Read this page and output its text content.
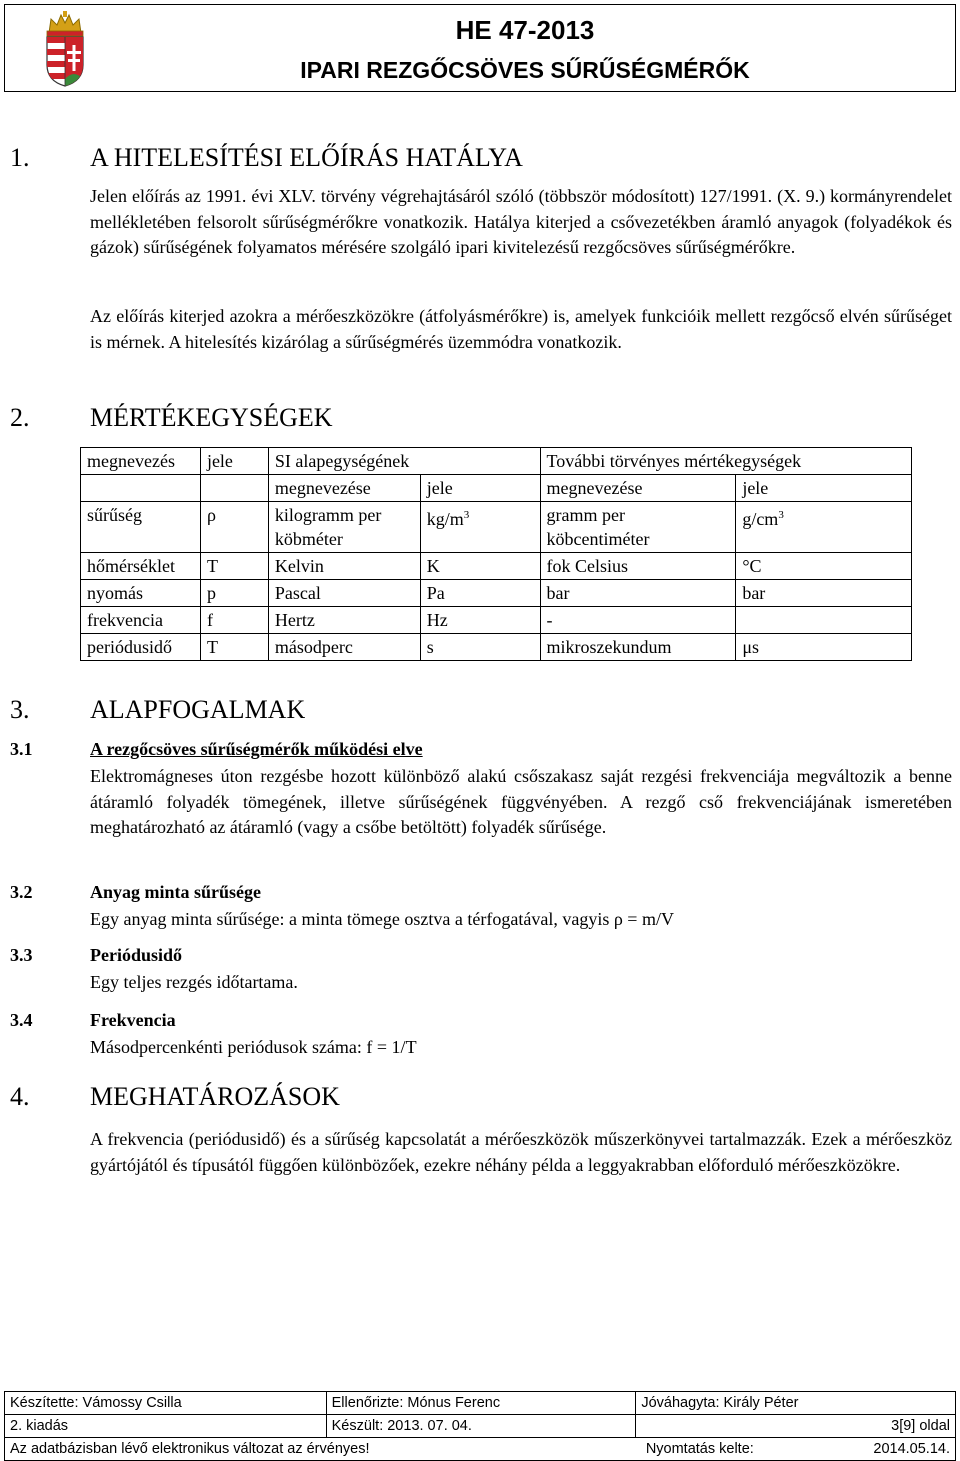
HE 47-2013
IPARI REZGŐCSÖVES SŰRŰSÉGMÉRŐK
1. A HITELESÍTÉSI ELŐÍRÁS HATÁLYA
Jelen előírás az 1991. évi XLV. törvény végrehajtásáról szóló (többször módosított) 127/1991. (X. 9.) kormányrendelet mellékletében felsorolt sűrűségmérőkre vonatkozik. Hatálya kiterjed a csővezetékben áramló anyagok (folyadékok és gázok) sűrűségének folyamatos mérésére szolgáló ipari kivitelezésű rezgőcsöves sűrűségmérőkre.
Az előírás kiterjed azokra a mérőeszközökre (átfolyásmérőkre) is, amelyek funkcióik mellett rezgőcső elvén sűrűséget is mérnek. A hitelesítés kizárólag a sűrűségmérés üzemmódra vonatkozik.
2. MÉRTÉKEGYSÉGEK
megnevezés	jele	SI alapegységének		További törvényes mértékegységek	
		megnevezése	jele	megnevezése	jele
sűrűség	ρ	kilogramm per köbméter	$kg/m^3$	gramm per köbcentiméter	$g/cm^3$
hőmérséklet	T	Kelvin	K	fok Celsius	°C
nyomás	p	Pascal	Pa	bar	bar
frekvencia	f	Hertz	Hz	-	
periódusidő	T	másodperc	s	mikroszekundum	μs
3. ALAPFOGALMAK
3.1	A rezgőcsöves sűrűségmérők működési elve
Elektromágneses úton rezgésbe hozott különböző alakú csőszakasz saját rezgési frekvenciája megváltozik a benne átáramló folyadék tömegének, illetve sűrűségének függvényében. A rezgő cső frekvenciájának ismeretében meghatározható az átáramló (vagy a csőbe betöltött) folyadék sűrűsége.
3.2	Anyag minta sűrűsége
Egy anyag minta sűrűsége: a minta tömege osztva a térfogatával, vagyis ρ = m/V
3.3	Periódusidő
Egy teljes rezgés időtartama.
3.4	Frekvencia
Másodpercenkénti periódusok száma: f = 1/T
4. MEGHATÁROZÁSOK
A frekvencia (periódusidő) és a sűrűség kapcsolatát a mérőeszközök műszerkönyvei tartalmazzák. Ezek a mérőeszköz gyártójától és típusától függően különbözőek, ezekre néhány példa a leggyakrabban előforduló mérőeszközökre.
Készítette: Vámossy Csilla	Ellenőrizte: Mónus Ferenc	Jóváhagyta: Király Péter
2. kiadás	Készült: 2013. 07. 04.	3[9] oldal
Az adatbázisban lévő elektronikus változat az érvényes!		Nyomtatás kelte: 2014.05.14.
